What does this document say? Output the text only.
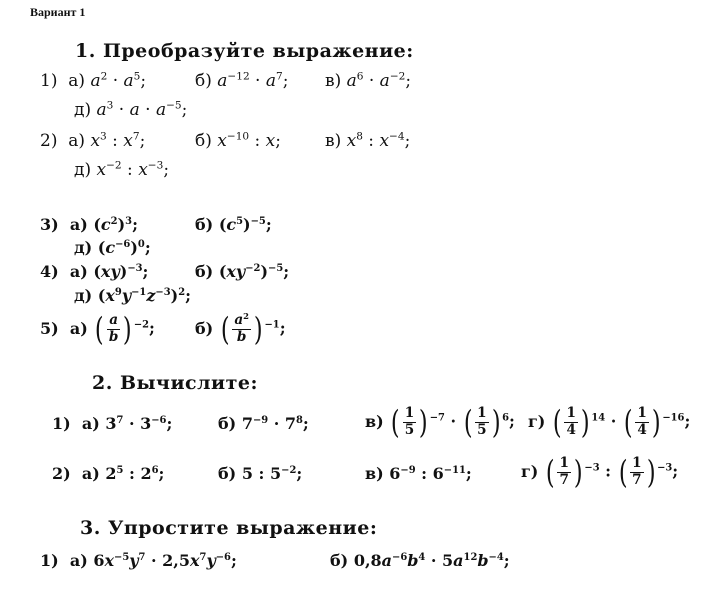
Вариант 1
1. Преобразуйте выражение:
1) а) $a^2 \cdot a^5$;	б) $a^{-12} \cdot a^7$; в) $a^6 \cdot a^{-2}$;
д) $a^3 \cdot a \cdot a^{-5}$;
2) а) $x^3$ : $x^7$;	б) $x^{-10}$ : x;	в) $x^8$ : $x^{-4}$;
д) $x^{-2}$ : $x^{-3}$;
3) а) $(c^2)^3$;	б) $(c^5)^{-5}$;
д) $(c^{-6})^0$;
4) а) (xy)$^{-3}$;	б) $(xy^{-2})^{-5}$;
д) $(x^9y^{-1}z^{-3})^2$;
5) а) ( $\frac{a}{b}$ ) $^{-2}$;	б) ( $\frac{a^2}{b}$ ) $^{-1}$;
2. Вычислите:
1) а) $3^7 \cdot 3^{-6}$;	б) $7^{-9} \cdot 7^8$;	в) ( $\frac{1}{5}$ ) $^{-7}$ · ( $\frac{1}{5}$ ) $^6$; г) ( $\frac{1}{4}$ ) $^{14}$ · ( $\frac{1}{4}$ ) $^{-16}$;
2) а) $2^5$ : $2^6$;	б) 5 : $5^{-2}$;	в) $6^{-9}$ : $6^{-11}$;	г) ( $\frac{1}{7}$ ) $^{-3}$ : ( $\frac{1}{7}$ ) $^{-3}$;
3. Упростите выражение:
1) а) $6x^{-5}y^7 \cdot 2,5x^7y^{-6}$;	б) $0,8a^{-6}b^4 \cdot 5a^{12}b^{-4}$;
